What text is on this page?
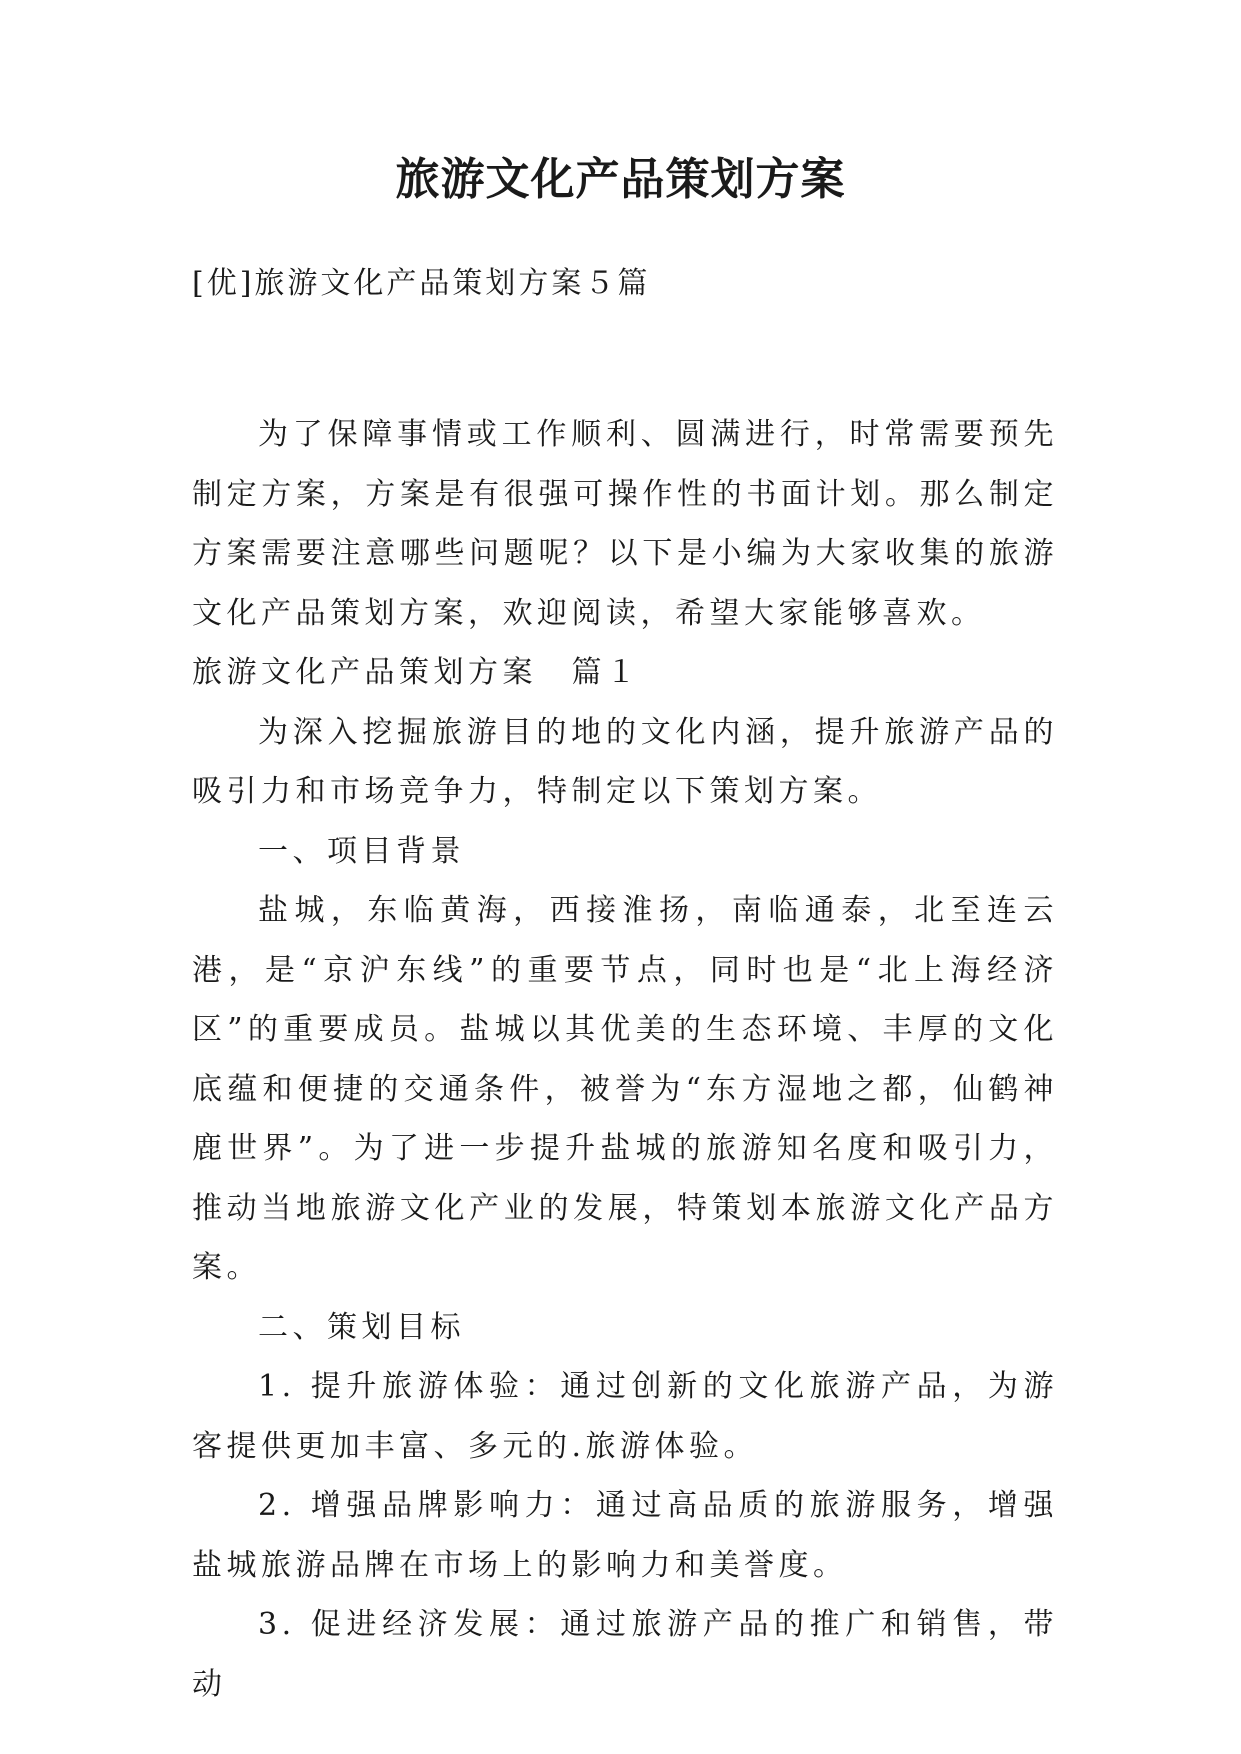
旅游文化产品策划方案
[优]旅游文化产品策划方案５篇

为了保障事情或工作顺利、圆满进行，时常需要预先制定方案，方案是有很强可操作性的书面计划。那么制定方案需要注意哪些问题呢？以下是小编为大家收集的旅游文化产品策划方案，欢迎阅读，希望大家能够喜欢。

旅游文化产品策划方案　篇１

为深入挖掘旅游目的地的文化内涵，提升旅游产品的吸引力和市场竞争力，特制定以下策划方案。

一、项目背景

盐城，东临黄海，西接淮扬，南临通泰，北至连云港，是“京沪东线”的重要节点，同时也是“北上海经济区”的重要成员。盐城以其优美的生态环境、丰厚的文化底蕴和便捷的交通条件，被誉为“东方湿地之都，仙鹤神鹿世界”。为了进一步提升盐城的旅游知名度和吸引力，推动当地旅游文化产业的发展，特策划本旅游文化产品方案。

二、策划目标

1. 提升旅游体验：通过创新的文化旅游产品，为游客提供更加丰富、多元的.旅游体验。

2. 增强品牌影响力：通过高品质的旅游服务，增强盐城旅游品牌在市场上的影响力和美誉度。

3. 促进经济发展：通过旅游产品的推广和销售，带动
